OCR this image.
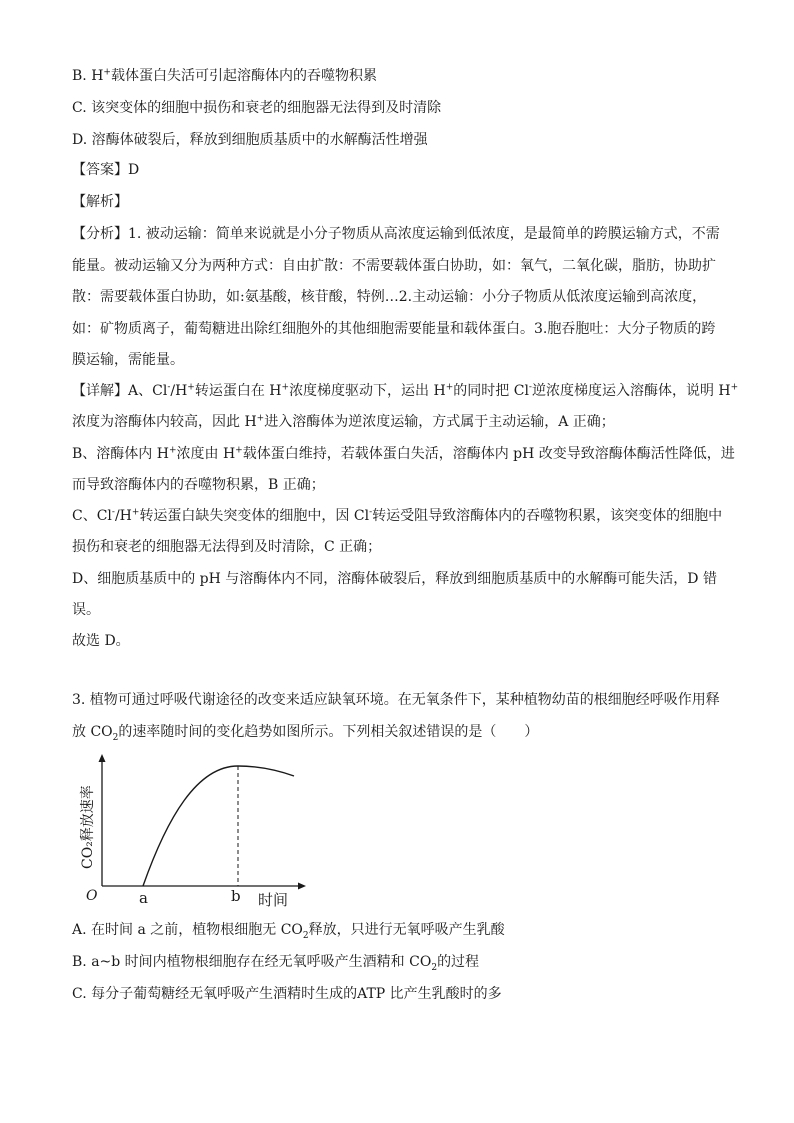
B. H+载体蛋白失活可引起溶酶体内的吞噬物积累
C. 该突变体的细胞中损伤和衰老的细胞器无法得到及时清除
D. 溶酶体破裂后，释放到细胞质基质中的水解酶活性增强
【答案】D
【解析】
【分析】1. 被动运输：简单来说就是小分子物质从高浓度运输到低浓度，是最简单的跨膜运输方式，不需
能量。被动运输又分为两种方式：自由扩散：不需要载体蛋白协助，如：氧气，二氧化碳，脂肪，协助扩
散：需要载体蛋白协助，如:氨基酸，核苷酸，特例…2.主动运输：小分子物质从低浓度运输到高浓度，
如：矿物质离子，葡萄糖进出除红细胞外的其他细胞需要能量和载体蛋白。3.胞吞胞吐：大分子物质的跨
膜运输，需能量。
【详解】A、Cl-/H+转运蛋白在 H+浓度梯度驱动下，运出 H+的同时把 Cl-逆浓度梯度运入溶酶体，说明 H+
浓度为溶酶体内较高，因此 H+进入溶酶体为逆浓度运输，方式属于主动运输，A 正确；
B、溶酶体内 H+浓度由 H+载体蛋白维持，若载体蛋白失活，溶酶体内 pH 改变导致溶酶体酶活性降低，进
而导致溶酶体内的吞噬物积累，B 正确；
C、Cl-/H+转运蛋白缺失突变体的细胞中，因 Cl-转运受阻导致溶酶体内的吞噬物积累，该突变体的细胞中
损伤和衰老的细胞器无法得到及时清除，C 正确；
D、细胞质基质中的 pH 与溶酶体内不同，溶酶体破裂后，释放到细胞质基质中的水解酶可能失活，D 错
误。
故选 D。
3. 植物可通过呼吸代谢途径的改变来适应缺氧环境。在无氧条件下，某种植物幼苗的根细胞经呼吸作用释
放 $CO_2$的速率随时间的变化趋势如图所示。下列相关叙述错误的是（　　）
O	a	b 时间
CO₂释放速率
A. 在时间 a 之前，植物根细胞无 $CO_2$释放，只进行无氧呼吸产生乳酸
B. a~b 时间内植物根细胞存在经无氧呼吸产生酒精和 $CO_2$的过程
C. 每分子葡萄糖经无氧呼吸产生酒精时生成的ATP 比产生乳酸时的多
